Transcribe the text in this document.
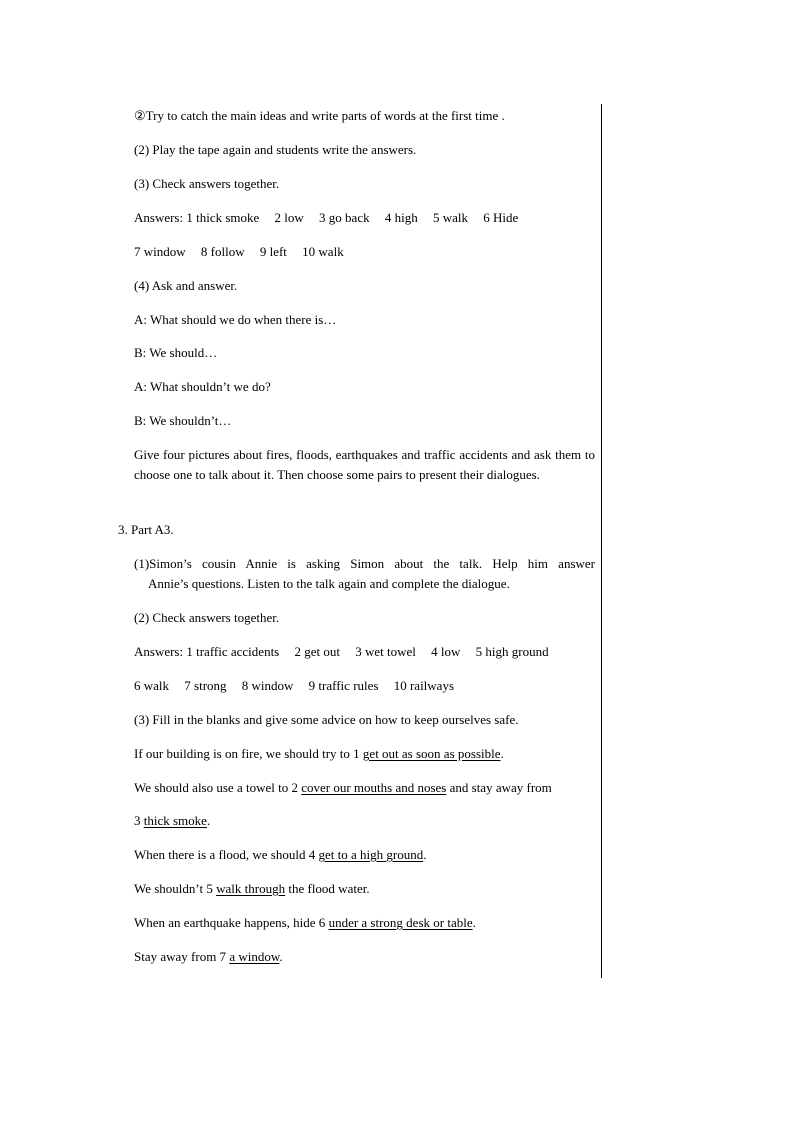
②Try to catch the main ideas and write parts of words at the first time .
(2) Play the tape again and students write the answers.
(3) Check answers together.
Answers: 1 thick smoke 2 low 3 go back 4 high 5 walk 6 Hide
7 window 8 follow 9 left 10 walk
(4) Ask and answer.
A: What should we do when there is…
B: We should…
A: What shouldn’t we do?
B: We shouldn’t…
Give four pictures about fires, floods, earthquakes and traffic accidents and ask them to choose one to talk about it. Then choose some pairs to present their dialogues.
3. Part A3.
(1)Simon’s cousin Annie is asking Simon about the talk. Help him answer
Annie’s questions. Listen to the talk again and complete the dialogue.
(2) Check answers together.
Answers: 1 traffic accidents 2 get out 3 wet towel 4 low 5 high ground
6 walk 7 strong 8 window 9 traffic rules 10 railways
(3) Fill in the blanks and give some advice on how to keep ourselves safe.
If our building is on fire, we should try to 1 get out as soon as possible.
We should also use a towel to 2 cover our mouths and noses and stay away from
3 thick smoke.
When there is a flood, we should 4 get to a high ground.
We shouldn’t 5 walk through the flood water.
When an earthquake happens, hide 6 under a strong desk or table.
Stay away from 7 a window.
